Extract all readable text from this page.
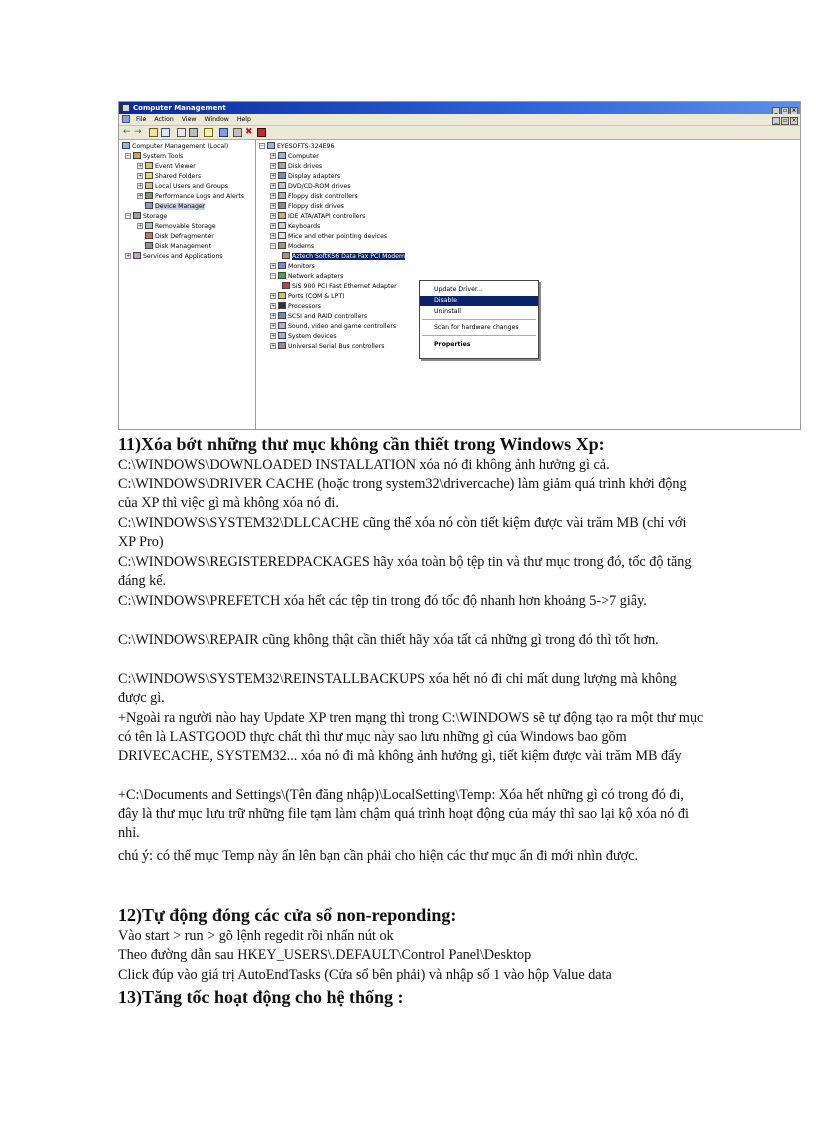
Computer Management	_ ▫ ×
File Action View Window Help	_ ▫ ×
← →	✖
Computer Management (Local)
− System Tools
+ Event Viewer
+ Shared Folders
+ Local Users and Groups
+ Performance Logs and Alerts
Device Manager
− Storage
+ Removable Storage
Disk Defragmenter
Disk Management
+ Services and Applications
− EYESOFTS-324E96
+ Computer
+ Disk drives
+ Display adapters
+ DVD/CD-ROM drives
+ Floppy disk controllers
+ Floppy disk drives
+ IDE ATA/ATAPI controllers
+ Keyboards
+ Mice and other pointing devices
− Modems
Aztech SoftK56 Data Fax PCI Modem
+ Monitors
− Network adapters
SiS 900 PCI Fast Ethernet Adapter
+ Ports (COM & LPT)
+ Processors
+ SCSI and RAID controllers
+ Sound, video and game controllers
+ System devices
+ Universal Serial Bus controllers
Update Driver...
Disable
Uninstall
Scan for hardware changes
Properties
11)Xóa bớt những thư mục không cần thiết trong Windows Xp:
C:\WINDOWS\DOWNLOADED INSTALLATION xóa nó đi không ảnh hưởng gì cả.
C:\WINDOWS\DRIVER CACHE (hoặc trong system32\drivercache) làm giảm quá trình khởi động của XP thì việc gì mà không xóa nó đi.
C:\WINDOWS\SYSTEM32\DLLCACHE cũng thế xóa nó còn tiết kiệm được vài trăm MB (chỉ với XP Pro)
C:\WINDOWS\REGISTEREDPACKAGES hãy xóa toàn bộ tệp tin và thư mục trong đó, tốc độ tăng đáng kể.
C:\WINDOWS\PREFETCH xóa hết các tệp tin trong đó tốc độ nhanh hơn khoảng 5->7 giây.
C:\WINDOWS\REPAIR cũng không thật cần thiết hãy xóa tất cả những gì trong đó thì tốt hơn.
C:\WINDOWS\SYSTEM32\REINSTALLBACKUPS xóa hết nó đi chỉ mất dung lượng mà không được gì.
+Ngoài ra người nào hay Update XP tren mạng thì trong C:\WINDOWS sẽ tự động tạo ra một thư mục có tên là LASTGOOD thực chất thì thư mục này sao lưu những gì của Windows bao gồm DRIVECACHE, SYSTEM32... xóa nó đi mà không ảnh hưởng gì, tiết kiệm được vài trăm MB đấy
+C:\Documents and Settings\(Tên đăng nhập)\LocalSetting\Temp: Xóa hết những gì có trong đó đi, đây là thư mục lưu trữ những file tạm làm chậm quá trình hoạt động của máy thì sao lại kộ xóa nó đi nhỉ.
chú ý: có thể mục Temp này ẩn lên bạn cần phải cho hiện các thư mục ẩn đi mới nhìn được.
12)Tự động đóng các cửa sổ non-reponding:
Vào start > run > gõ lệnh regedit rồi nhấn nút ok
Theo đường dẫn sau HKEY_USERS\.DEFAULT\Control Panel\Desktop
Click đúp vào giá trị AutoEndTasks (Cửa sổ bên phải) và nhập số 1 vào hộp Value data
13)Tăng tốc hoạt động cho hệ thống :
